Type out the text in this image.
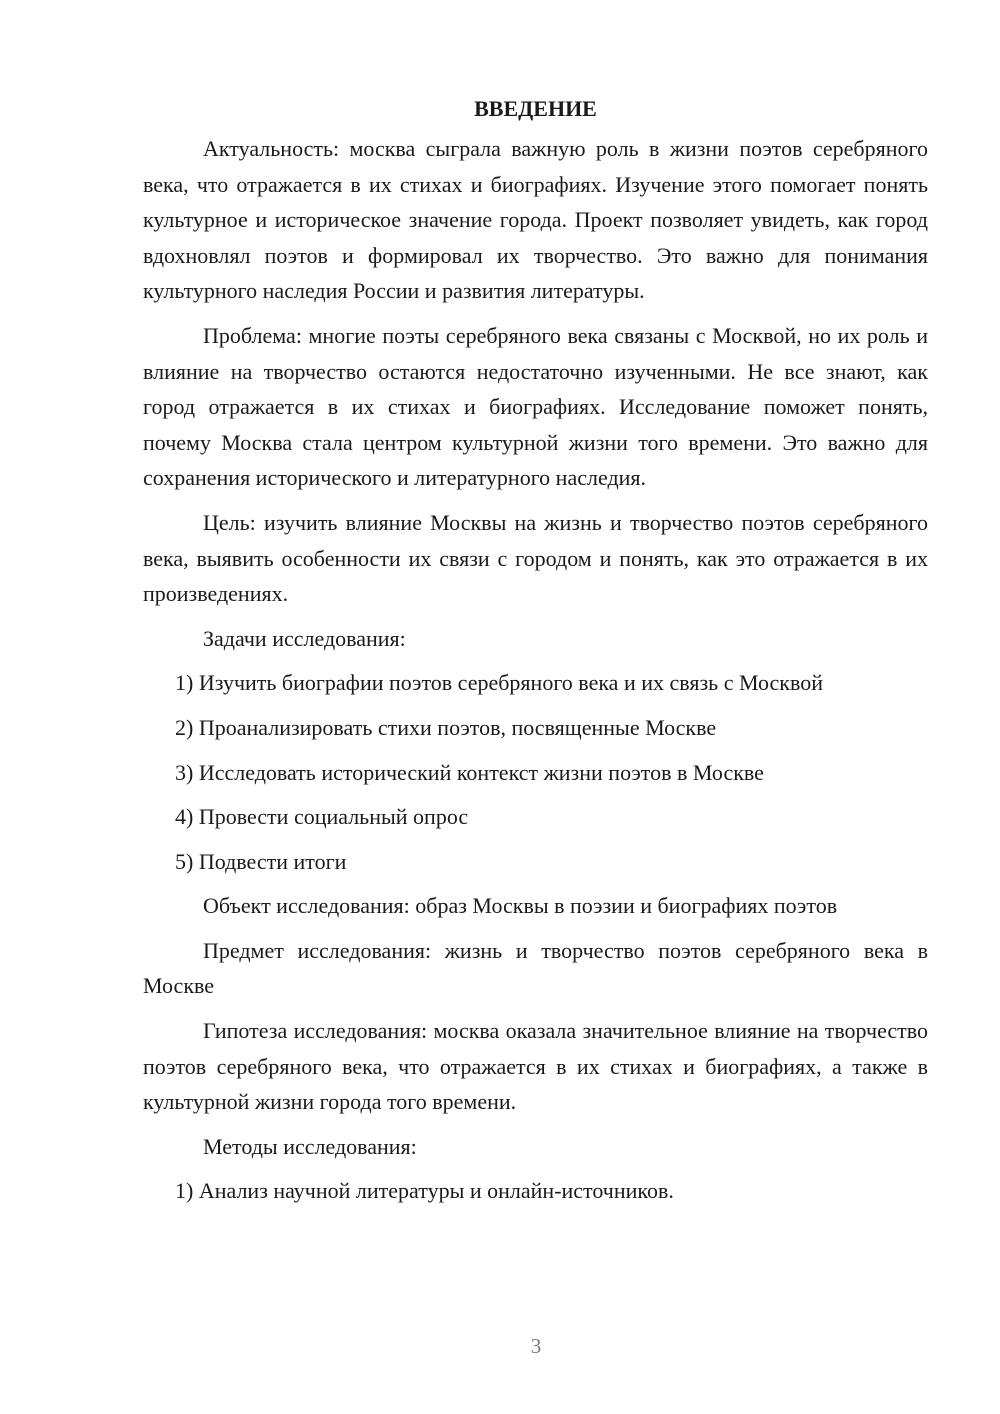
ВВЕДЕНИЕ

Актуальность: москва сыграла важную роль в жизни поэтов серебряного века, что отражается в их стихах и биографиях. Изучение этого помогает понять культурное и историческое значение города. Проект позволяет увидеть, как город вдохновлял поэтов и формировал их творчество. Это важно для понимания культурного наследия России и развития литературы.

Проблема: многие поэты серебряного века связаны с Москвой, но их роль и влияние на творчество остаются недостаточно изученными. Не все знают, как город отражается в их стихах и биографиях. Исследование поможет понять, почему Москва стала центром культурной жизни того времени. Это важно для сохранения исторического и литературного наследия.

Цель: изучить влияние Москвы на жизнь и творчество поэтов серебряного века, выявить особенности их связи с городом и понять, как это отражается в их произведениях.

Задачи исследования:

1) Изучить биографии поэтов серебряного века и их связь с Москвой
2) Проанализировать стихи поэтов, посвященные Москве
3) Исследовать исторический контекст жизни поэтов в Москве
4) Провести социальный опрос
5) Подвести итоги

Объект исследования: образ Москвы в поэзии и биографиях поэтов

Предмет исследования: жизнь и творчество поэтов серебряного века в Москве

Гипотеза исследования: москва оказала значительное влияние на творчество поэтов серебряного века, что отражается в их стихах и биографиях, а также в культурной жизни города того времени.

Методы исследования:

1) Анализ научной литературы и онлайн-источников.
3
